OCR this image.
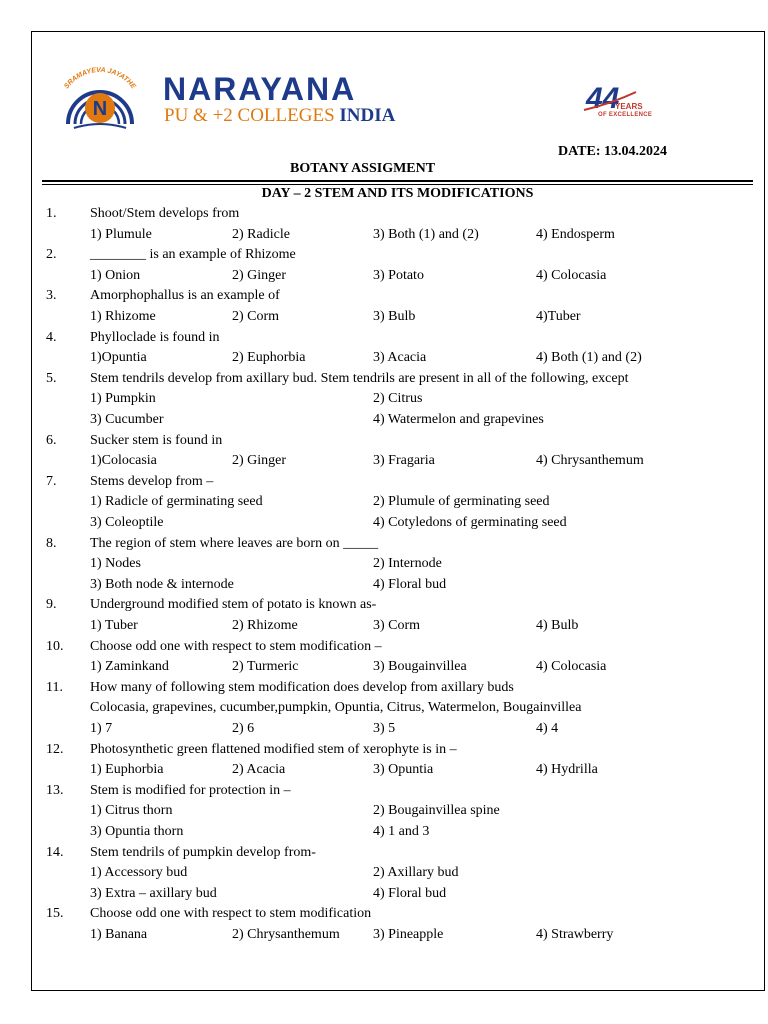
SRAMAYEVA JAYATHE
N
NARAYANA
PU & +2 COLLEGES INDIA
44
YEARS
OF EXCELLENCE
DATE: 13.04.2024
BOTANY ASSIGMENT
DAY – 2 STEM AND ITS MODIFICATIONS
1. Shoot/Stem develops from
1) Plumule	2) Radicle	3) Both (1) and (2)	4) Endosperm
2. ________ is an example of Rhizome
1) Onion	2) Ginger	3) Potato	4) Colocasia
3. Amorphophallus is an example of
1) Rhizome	2) Corm	3) Bulb	4)Tuber
4. Phylloclade is found in
1)Opuntia	2) Euphorbia	3) Acacia	4) Both (1) and (2)
5. Stem tendrils develop from axillary bud. Stem tendrils are present in all of the following, except
1) Pumpkin	2) Citrus
3) Cucumber	4) Watermelon and grapevines
6. Sucker stem is found in
1)Colocasia	2) Ginger	3) Fragaria	4) Chrysanthemum
7. Stems develop from –
1) Radicle of germinating seed	2) Plumule of germinating seed
3) Coleoptile	4) Cotyledons of germinating seed
8. The region of stem where leaves are born on _____
1) Nodes	2) Internode
3) Both node & internode	4) Floral bud
9. Underground modified stem of potato is known as-
1) Tuber	2) Rhizome	3) Corm	4) Bulb
10. Choose odd one with respect to stem modification –
1) Zaminkand	2) Turmeric	3) Bougainvillea	4) Colocasia
11. How many of following stem modification does develop from axillary buds
Colocasia, grapevines, cucumber,pumpkin, Opuntia, Citrus, Watermelon, Bougainvillea
1) 7	2) 6	3) 5	4) 4
12. Photosynthetic green flattened modified stem of xerophyte is in –
1) Euphorbia	2) Acacia	3) Opuntia	4) Hydrilla
13. Stem is modified for protection in –
1) Citrus thorn	2) Bougainvillea spine
3) Opuntia thorn	4) 1 and 3
14. Stem tendrils of pumpkin develop from-
1) Accessory bud	2) Axillary bud
3) Extra – axillary bud	4) Floral bud
15. Choose odd one with respect to stem modification
1) Banana	2) Chrysanthemum 3) Pineapple	4) Strawberry
